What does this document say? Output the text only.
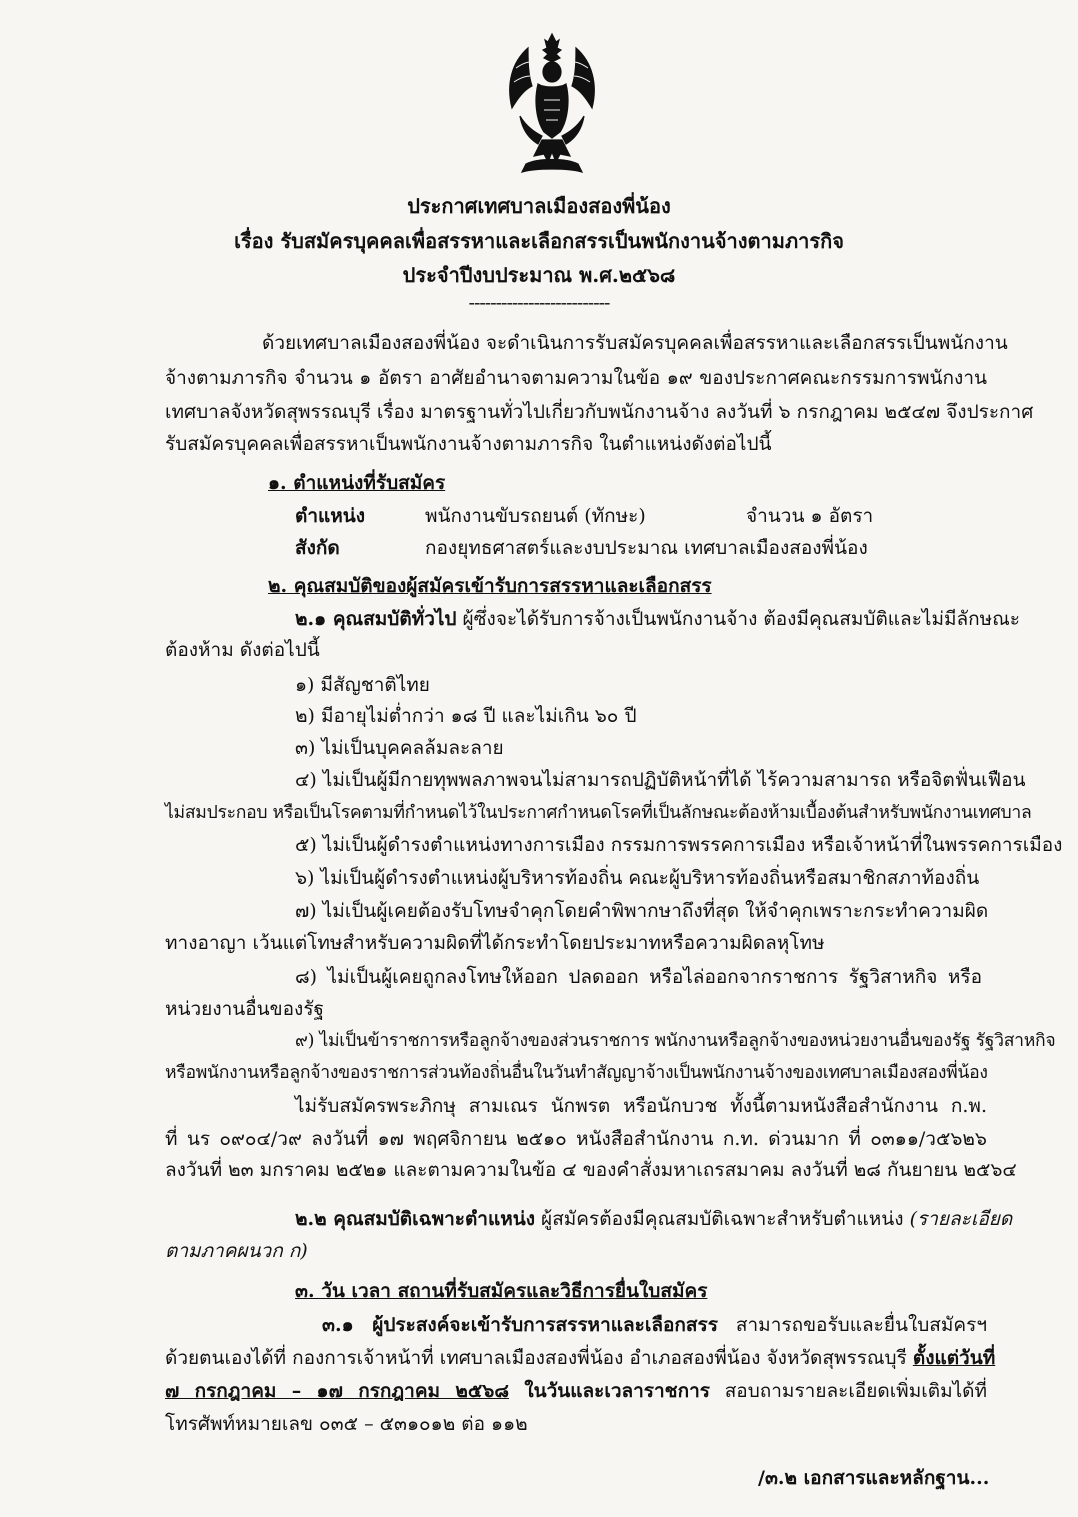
ประกาศเทศบาลเมืองสองพี่น้อง
เรื่อง รับสมัครบุคคลเพื่อสรรหาและเลือกสรรเป็นพนักงานจ้างตามภารกิจ
ประจำปีงบประมาณ พ.ศ.๒๕๖๘
--------------------------
ด้วยเทศบาลเมืองสองพี่น้อง จะดำเนินการรับสมัครบุคคลเพื่อสรรหาและเลือกสรรเป็นพนักงาน
จ้างตามภารกิจ จำนวน ๑ อัตรา อาศัยอำนาจตามความในข้อ ๑๙ ของประกาศคณะกรรมการพนักงาน
เทศบาลจังหวัดสุพรรณบุรี เรื่อง มาตรฐานทั่วไปเกี่ยวกับพนักงานจ้าง ลงวันที่ ๖ กรกฎาคม ๒๕๔๗ จึงประกาศ
รับสมัครบุคคลเพื่อสรรหาเป็นพนักงานจ้างตามภารกิจ ในตำแหน่งดังต่อไปนี้
๑. ตำแหน่งที่รับสมัคร
ตำแหน่ง	พนักงานขับรถยนต์ (ทักษะ)	จำนวน ๑ อัตรา
สังกัด	กองยุทธศาสตร์และงบประมาณ เทศบาลเมืองสองพี่น้อง
๒. คุณสมบัติของผู้สมัครเข้ารับการสรรหาและเลือกสรร
๒.๑ คุณสมบัติทั่วไป ผู้ซึ่งจะได้รับการจ้างเป็นพนักงานจ้าง ต้องมีคุณสมบัติและไม่มีลักษณะ
ต้องห้าม ดังต่อไปนี้
๑) มีสัญชาติไทย
๒) มีอายุไม่ต่ำกว่า ๑๘ ปี และไม่เกิน ๖๐ ปี
๓) ไม่เป็นบุคคลล้มละลาย
๔) ไม่เป็นผู้มีกายทุพพลภาพจนไม่สามารถปฏิบัติหน้าที่ได้ ไร้ความสามารถ หรือจิตฟั่นเฟือน
ไม่สมประกอบ หรือเป็นโรคตามที่กำหนดไว้ในประกาศกำหนดโรคที่เป็นลักษณะต้องห้ามเบื้องต้นสำหรับพนักงานเทศบาล
๕) ไม่เป็นผู้ดำรงตำแหน่งทางการเมือง กรรมการพรรคการเมือง หรือเจ้าหน้าที่ในพรรคการเมือง
๖) ไม่เป็นผู้ดำรงตำแหน่งผู้บริหารท้องถิ่น คณะผู้บริหารท้องถิ่นหรือสมาชิกสภาท้องถิ่น
๗) ไม่เป็นผู้เคยต้องรับโทษจำคุกโดยคำพิพากษาถึงที่สุด ให้จำคุกเพราะกระทำความผิด
ทางอาญา เว้นแต่โทษสำหรับความผิดที่ได้กระทำโดยประมาทหรือความผิดลหุโทษ
๘) ไม่เป็นผู้เคยถูกลงโทษให้ออก ปลดออก หรือไล่ออกจากราชการ รัฐวิสาหกิจ หรือ
หน่วยงานอื่นของรัฐ
๙) ไม่เป็นข้าราชการหรือลูกจ้างของส่วนราชการ พนักงานหรือลูกจ้างของหน่วยงานอื่นของรัฐ รัฐวิสาหกิจ
หรือพนักงานหรือลูกจ้างของราชการส่วนท้องถิ่นอื่นในวันทำสัญญาจ้างเป็นพนักงานจ้างของเทศบาลเมืองสองพี่น้อง
ไม่รับสมัครพระภิกษุ สามเณร นักพรต หรือนักบวช ทั้งนี้ตามหนังสือสำนักงาน ก.พ.
ที่ นร ๐๙๐๔/ว๙ ลงวันที่ ๑๗ พฤศจิกายน ๒๕๑๐ หนังสือสำนักงาน ก.ท. ด่วนมาก ที่ ๐๓๑๑/ว๕๖๒๖
ลงวันที่ ๒๓ มกราคม ๒๕๒๑ และตามความในข้อ ๔ ของคำสั่งมหาเถรสมาคม ลงวันที่ ๒๘ กันยายน ๒๕๖๔
๒.๒ คุณสมบัติเฉพาะตำแหน่ง ผู้สมัครต้องมีคุณสมบัติเฉพาะสำหรับตำแหน่ง (รายละเอียด
ตามภาคผนวก ก)
๓. วัน เวลา สถานที่รับสมัครและวิธีการยื่นใบสมัคร
๓.๑ ผู้ประสงค์จะเข้ารับการสรรหาและเลือกสรร สามารถขอรับและยื่นใบสมัครฯ
ด้วยตนเองได้ที่ กองการเจ้าหน้าที่ เทศบาลเมืองสองพี่น้อง อำเภอสองพี่น้อง จังหวัดสุพรรณบุรี ตั้งแต่วันที่
๗ กรกฎาคม – ๑๗ กรกฎาคม ๒๕๖๘ ในวันและเวลาราชการ สอบถามรายละเอียดเพิ่มเติมได้ที่
โทรศัพท์หมายเลข ๐๓๕ – ๕๓๑๐๑๒ ต่อ ๑๑๒
/๓.๒ เอกสารและหลักฐาน...
